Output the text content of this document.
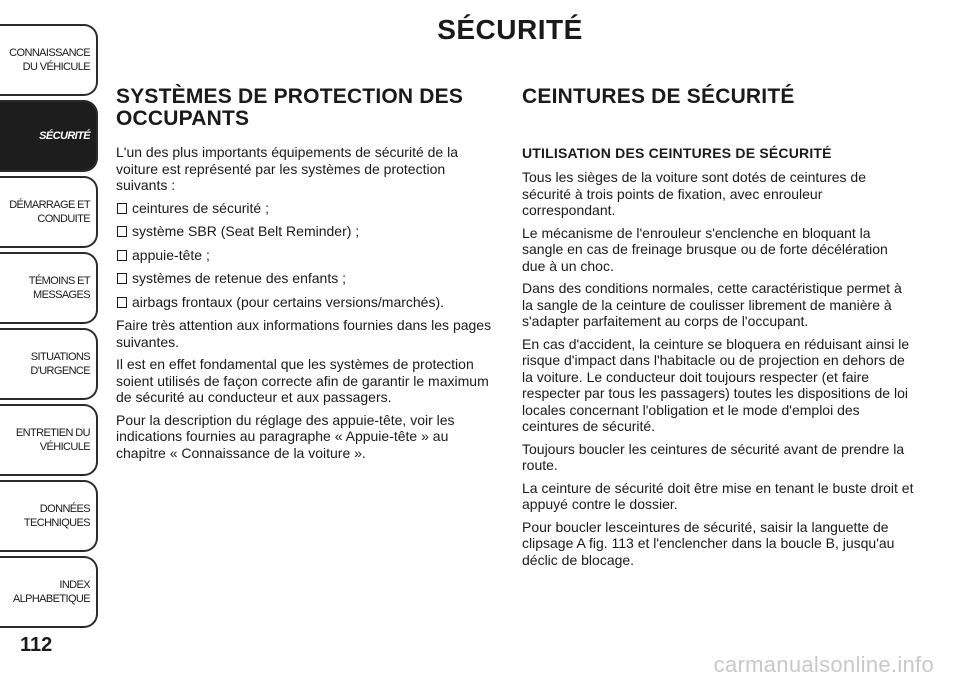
CONNAISSANCE
DU VÉHICULE
SÉCURITÉ
DÉMARRAGE ET
CONDUITE
TÉMOINS ET
MESSAGES
SITUATIONS
D'URGENCE
ENTRETIEN DU
VÉHICULE
DONNÉES
TECHNIQUES
INDEX
ALPHABETIQUE
112
SÉCURITÉ
SYSTÈMES DE PROTECTION DES OCCUPANTS

L'un des plus importants équipements de sécurité de la voiture est représenté par les systèmes de protection suivants :

ceintures de sécurité ;
système SBR (Seat Belt Reminder) ;
appuie-tête ;
systèmes de retenue des enfants ;
airbags frontaux (pour certains versions/marchés).

Faire très attention aux informations fournies dans les pages suivantes.

Il est en effet fondamental que les systèmes de protection soient utilisés de façon correcte afin de garantir le maximum de sécurité au conducteur et aux passagers.

Pour la description du réglage des appuie-tête, voir les indications fournies au paragraphe « Appuie-tête » au chapitre « Connaissance de la voiture ».

CEINTURES DE SÉCURITÉ
UTILISATION DES CEINTURES DE SÉCURITÉ

Tous les sièges de la voiture sont dotés de ceintures de sécurité à trois points de fixation, avec enrouleur correspondant.

Le mécanisme de l'enrouleur s'enclenche en bloquant la sangle en cas de freinage brusque ou de forte décélération due à un choc.

Dans des conditions normales, cette caractéristique permet à la sangle de la ceinture de coulisser librement de manière à s'adapter parfaitement au corps de l'occupant.

En cas d'accident, la ceinture se bloquera en réduisant ainsi le risque d'impact dans l'habitacle ou de projection en dehors de la voiture. Le conducteur doit toujours respecter (et faire respecter par tous les passagers) toutes les dispositions de loi locales concernant l'obligation et le mode d'emploi des ceintures de sécurité.

Toujours boucler les ceintures de sécurité avant de prendre la route.

La ceinture de sécurité doit être mise en tenant le buste droit et appuyé contre le dossier.

Pour boucler lesceintures de sécurité, saisir la languette de clipsage A fig. 113 et l'enclencher dans la boucle B, jusqu'au déclic de blocage.

carmanualsonline.info
